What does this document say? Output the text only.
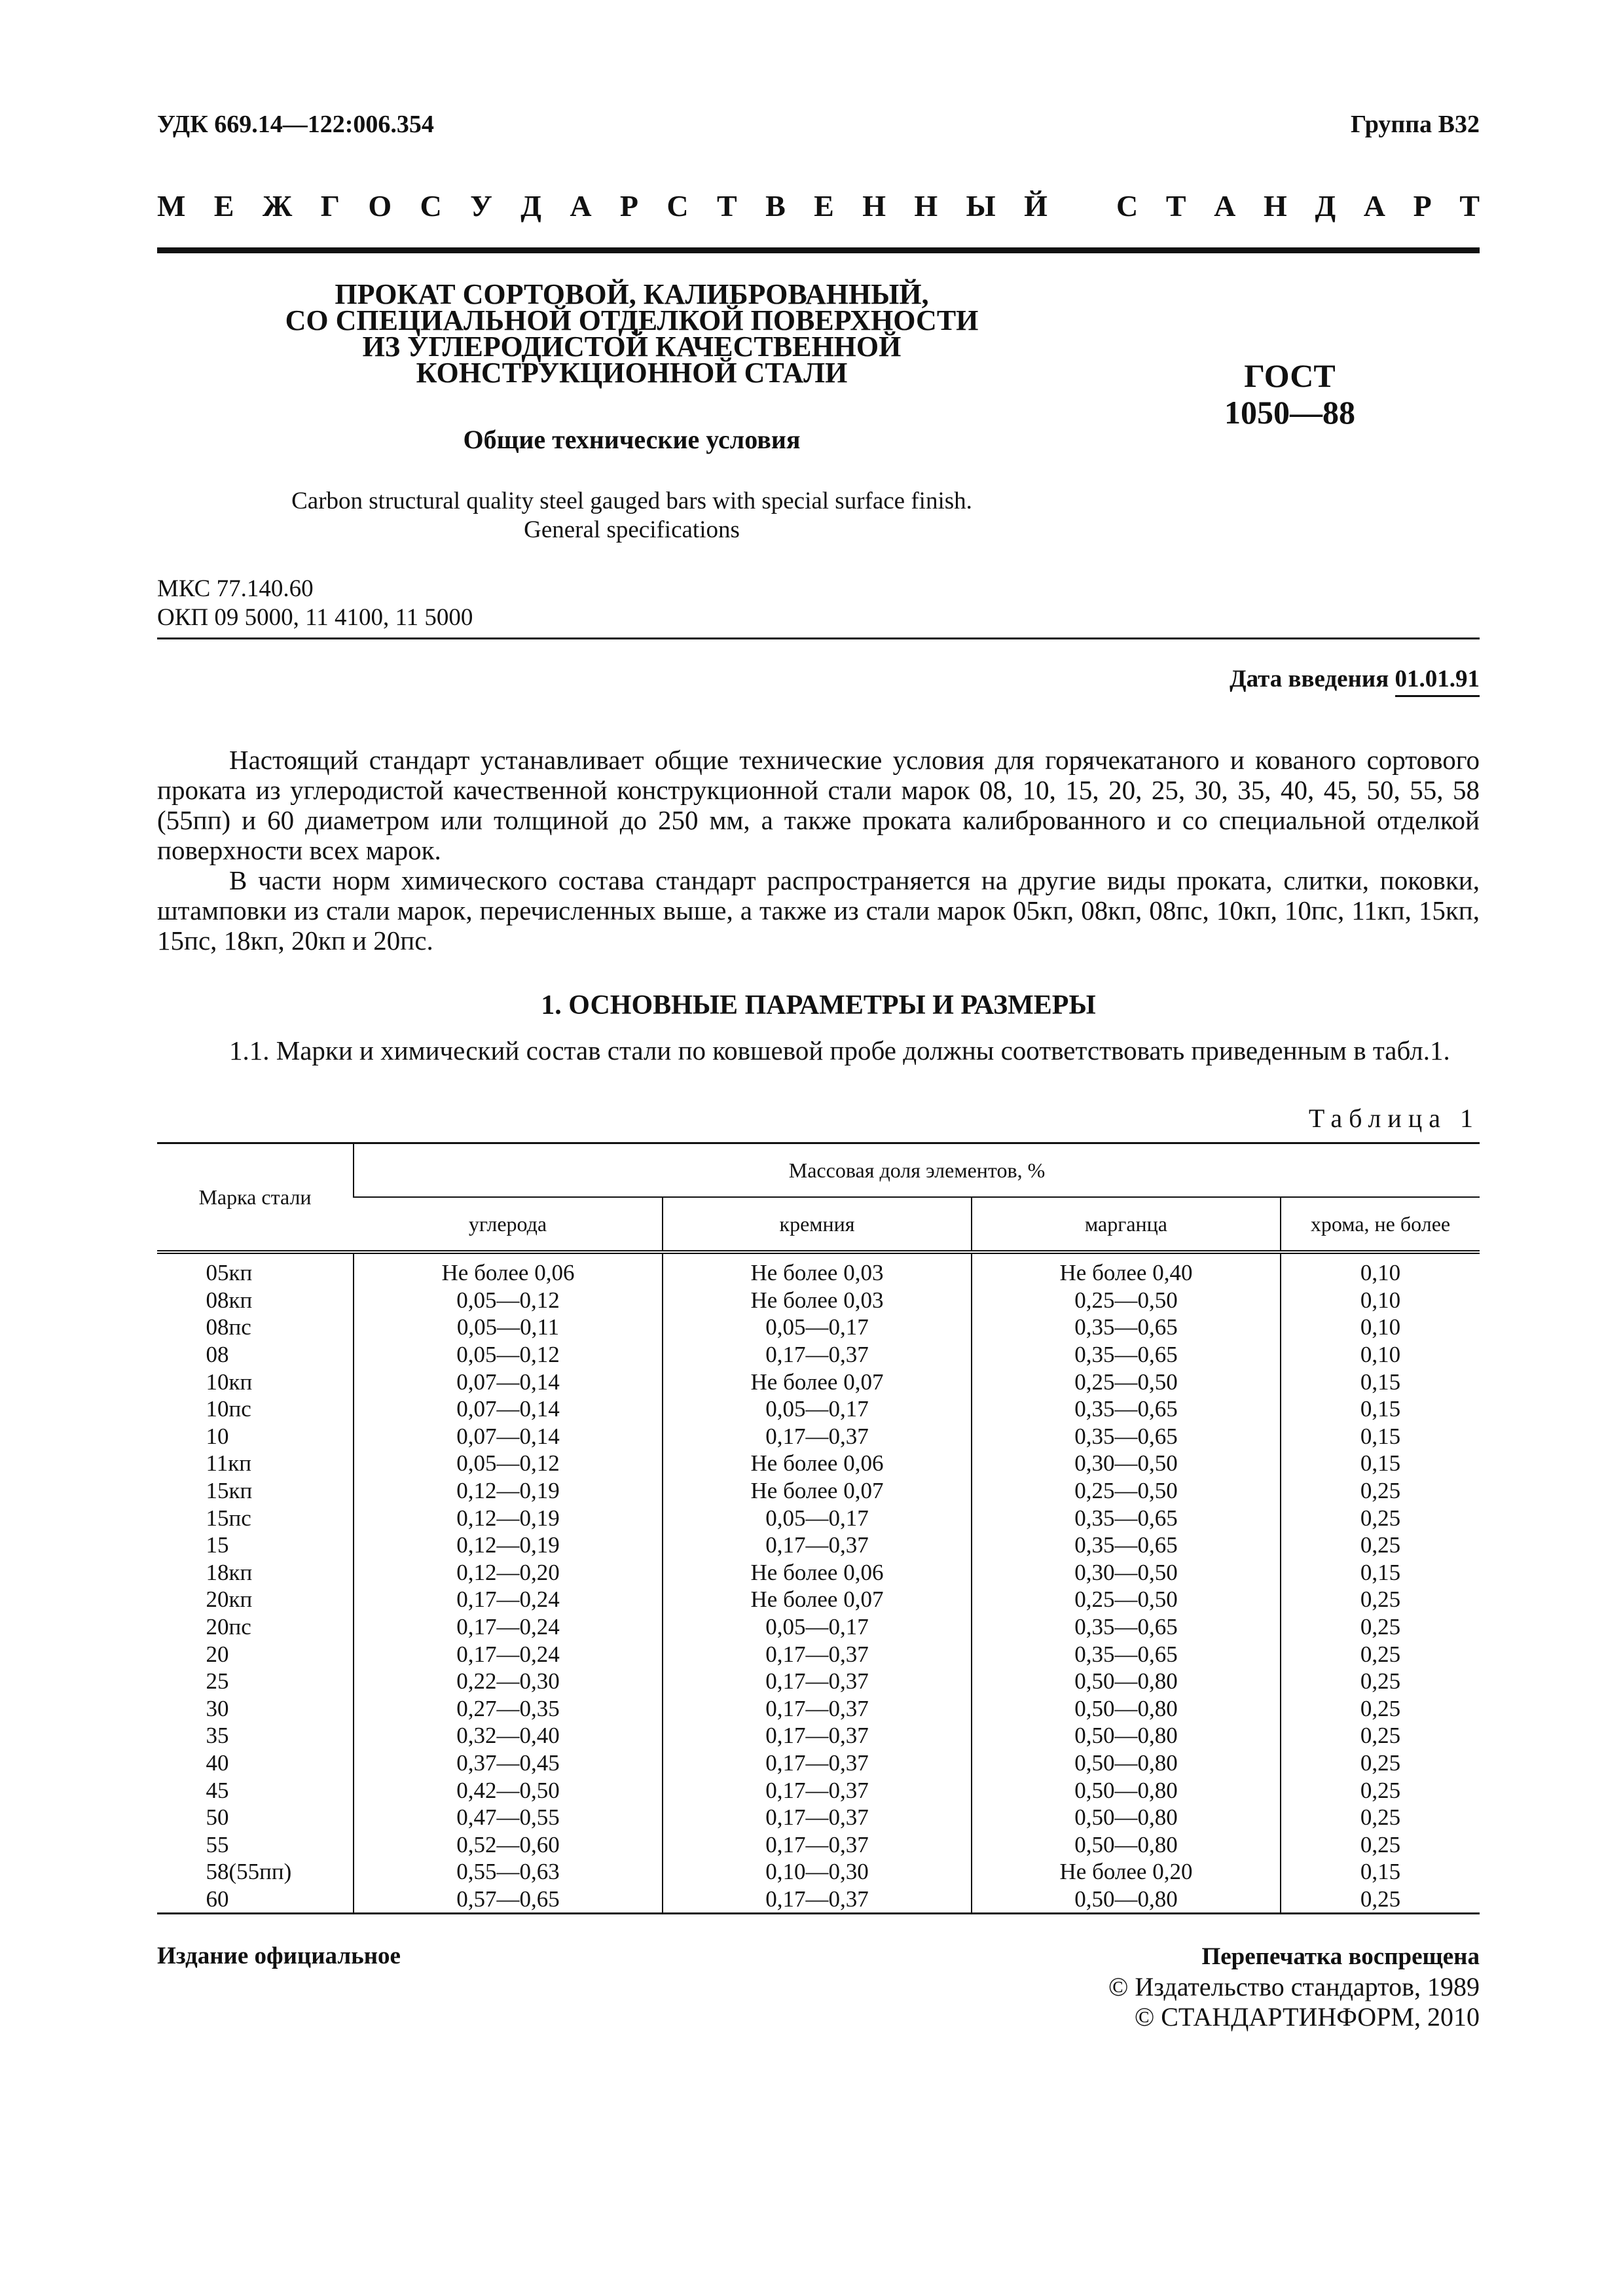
УДК 669.14—122:006.354	Группа В32
М Е Ж Г О С У Д А Р С Т В Е Н Н Ы Й С Т А Н Д А Р Т
ПРОКАТ СОРТОВОЙ, КАЛИБРОВАННЫЙ,
СО СПЕЦИАЛЬНОЙ ОТДЕЛКОЙ ПОВЕРХНОСТИ
ИЗ УГЛЕРОДИСТОЙ КАЧЕСТВЕННОЙ
КОНСТРУКЦИОННОЙ СТАЛИ
Общие технические условия
ГОСТ
1050—88
Carbon structural quality steel gauged bars with special surface finish.
General specifications
МКС 77.140.60
ОКП 09 5000, 11 4100, 11 5000
Дата введения 01.01.91

Настоящий стандарт устанавливает общие технические условия для горячекатаного и кованого сортового проката из углеродистой качественной конструкционной стали марок 08, 10, 15, 20, 25, 30, 35, 40, 45, 50, 55, 58 (55пп) и 60 диаметром или толщиной до 250 мм, а также проката калиброванного и со специальной отделкой поверхности всех марок.

В части норм химического состава стандарт распространяется на другие виды проката, слитки, поковки, штамповки из стали марок, перечисленных выше, а также из стали марок 05кп, 08кп, 08пс, 10кп, 10пс, 11кп, 15кп, 15пс, 18кп, 20кп и 20пс.

1. ОСНОВНЫЕ ПАРАМЕТРЫ И РАЗМЕРЫ

1.1. Марки и химический состав стали по ковшевой пробе должны соответствовать приведенным в табл.1.

Таблица 1
Марка стали	Массовая доля элементов, %			
	углерода	кремния	марганца	хрома, не более
05кп	Не более 0,06	Не более 0,03	Не более 0,40	0,10
08кп	0,05—0,12	Не более 0,03	0,25—0,50	0,10
08пс	0,05—0,11	0,05—0,17	0,35—0,65	0,10
08	0,05—0,12	0,17—0,37	0,35—0,65	0,10
10кп	0,07—0,14	Не более 0,07	0,25—0,50	0,15
10пс	0,07—0,14	0,05—0,17	0,35—0,65	0,15
10	0,07—0,14	0,17—0,37	0,35—0,65	0,15
11кп	0,05—0,12	Не более 0,06	0,30—0,50	0,15
15кп	0,12—0,19	Не более 0,07	0,25—0,50	0,25
15пс	0,12—0,19	0,05—0,17	0,35—0,65	0,25
15	0,12—0,19	0,17—0,37	0,35—0,65	0,25
18кп	0,12—0,20	Не более 0,06	0,30—0,50	0,15
20кп	0,17—0,24	Не более 0,07	0,25—0,50	0,25
20пс	0,17—0,24	0,05—0,17	0,35—0,65	0,25
20	0,17—0,24	0,17—0,37	0,35—0,65	0,25
25	0,22—0,30	0,17—0,37	0,50—0,80	0,25
30	0,27—0,35	0,17—0,37	0,50—0,80	0,25
35	0,32—0,40	0,17—0,37	0,50—0,80	0,25
40	0,37—0,45	0,17—0,37	0,50—0,80	0,25
45	0,42—0,50	0,17—0,37	0,50—0,80	0,25
50	0,47—0,55	0,17—0,37	0,50—0,80	0,25
55	0,52—0,60	0,17—0,37	0,50—0,80	0,25
58(55пп)	0,55—0,63	0,10—0,30	Не более 0,20	0,15
60	0,57—0,65	0,17—0,37	0,50—0,80	0,25
Издание официальное	Перепечатка воспрещена
© Издательство стандартов, 1989
© СТАНДАРТИНФОРМ, 2010
